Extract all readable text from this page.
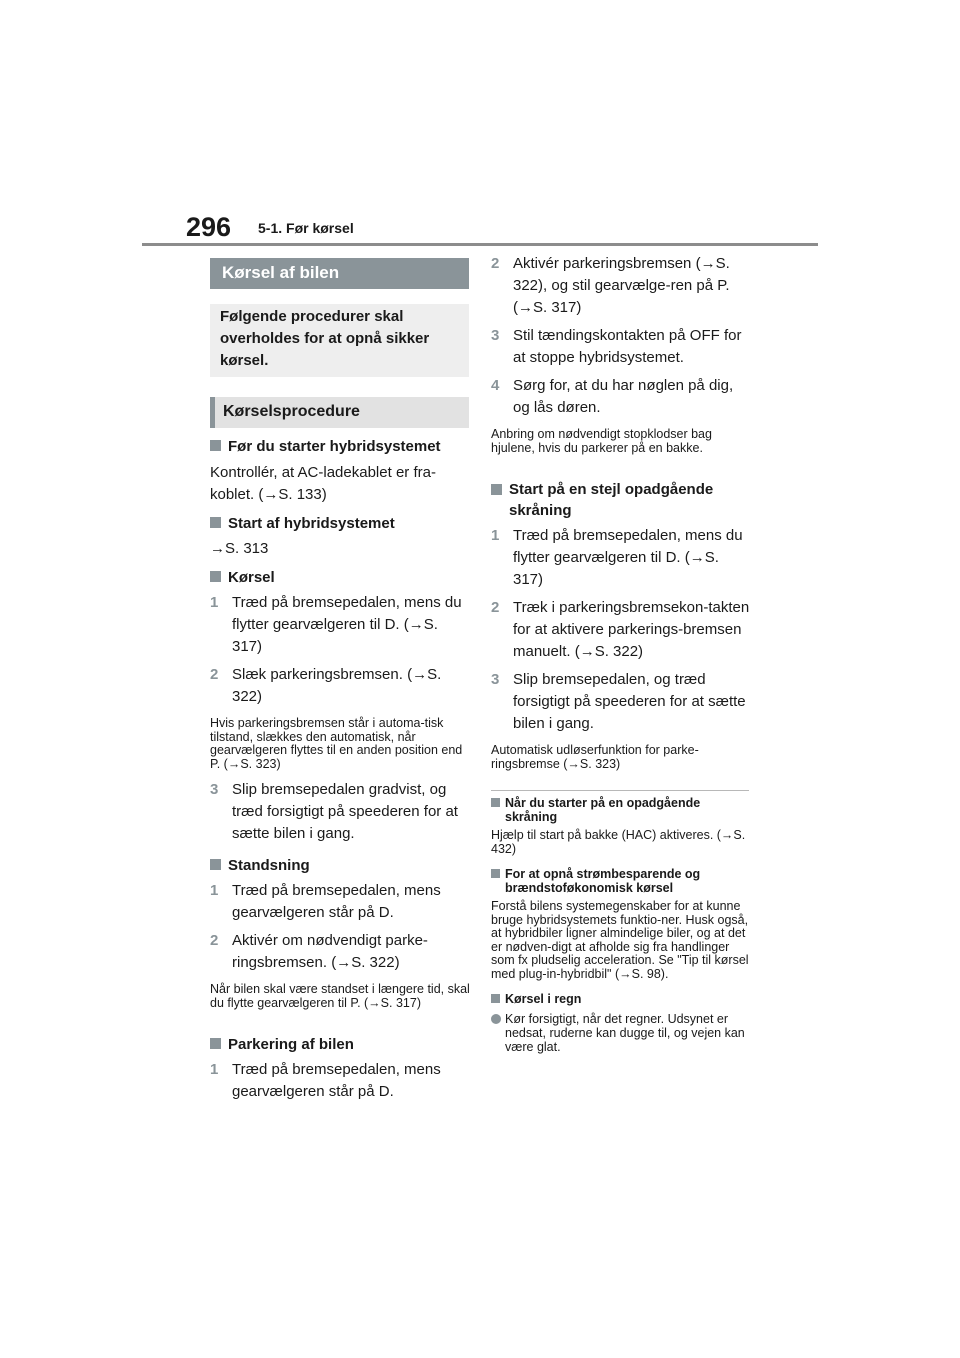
296 5-1. Før kørsel
Kørsel af bilen

Følgende procedurer skal overholdes for at opnå sikker kørsel.

Kørselsprocedure
Før du starter hybridsystemet
Kontrollér, at AC-ladekablet er fra-koblet. (→S. 133)
Start af hybridsystemet
→S. 313
Kørsel
1 Træd på bremsepedalen, mens du flytter gearvælgeren til D. (→S. 317)
2 Slæk parkeringsbremsen. (→S. 322)
Hvis parkeringsbremsen står i automa-tisk tilstand, slækkes den automatisk, når gearvælgeren flyttes til en anden position end P. (→S. 323)
3 Slip bremsepedalen gradvist, og træd forsigtigt på speederen for at sætte bilen i gang.
Standsning
1 Træd på bremsepedalen, mens gearvælgeren står på D.
2 Aktivér om nødvendigt parke-ringsbremsen. (→S. 322)
Når bilen skal være standset i længere tid, skal du flytte gearvælgeren til P. (→S. 317)
Parkering af bilen
1 Træd på bremsepedalen, mens gearvælgeren står på D.
2 Aktivér parkeringsbremsen (→S. 322), og stil gearvælge-ren på P. (→S. 317)
3 Stil tændingskontakten på OFF for at stoppe hybridsystemet.
4 Sørg for, at du har nøglen på dig, og lås døren.
Anbring om nødvendigt stopklodser bag hjulene, hvis du parkerer på en bakke.
Start på en stejl opadgående skråning
1 Træd på bremsepedalen, mens du flytter gearvælgeren til D. (→S. 317)
2 Træk i parkeringsbremsekon-takten for at aktivere parkerings-bremsen manuelt. (→S. 322)
3 Slip bremsepedalen, og træd forsigtigt på speederen for at sætte bilen i gang.
Automatisk udløserfunktion for parke-ringsbremse (→S. 323)
Når du starter på en opadgående skråning
Hjælp til start på bakke (HAC) aktiveres. (→S. 432)
For at opnå strømbesparende og brændstoføkonomisk kørsel
Forstå bilens systemegenskaber for at kunne bruge hybridsystemets funktio-ner. Husk også, at hybridbiler ligner almindelige biler, og at det er nødven-digt at afholde sig fra handlinger som fx pludselig acceleration. Se "Tip til kørsel med plug-in-hybridbil" (→S. 98).
Kørsel i regn
Kør forsigtigt, når det regner. Udsynet er nedsat, ruderne kan dugge til, og vejen kan være glat.
